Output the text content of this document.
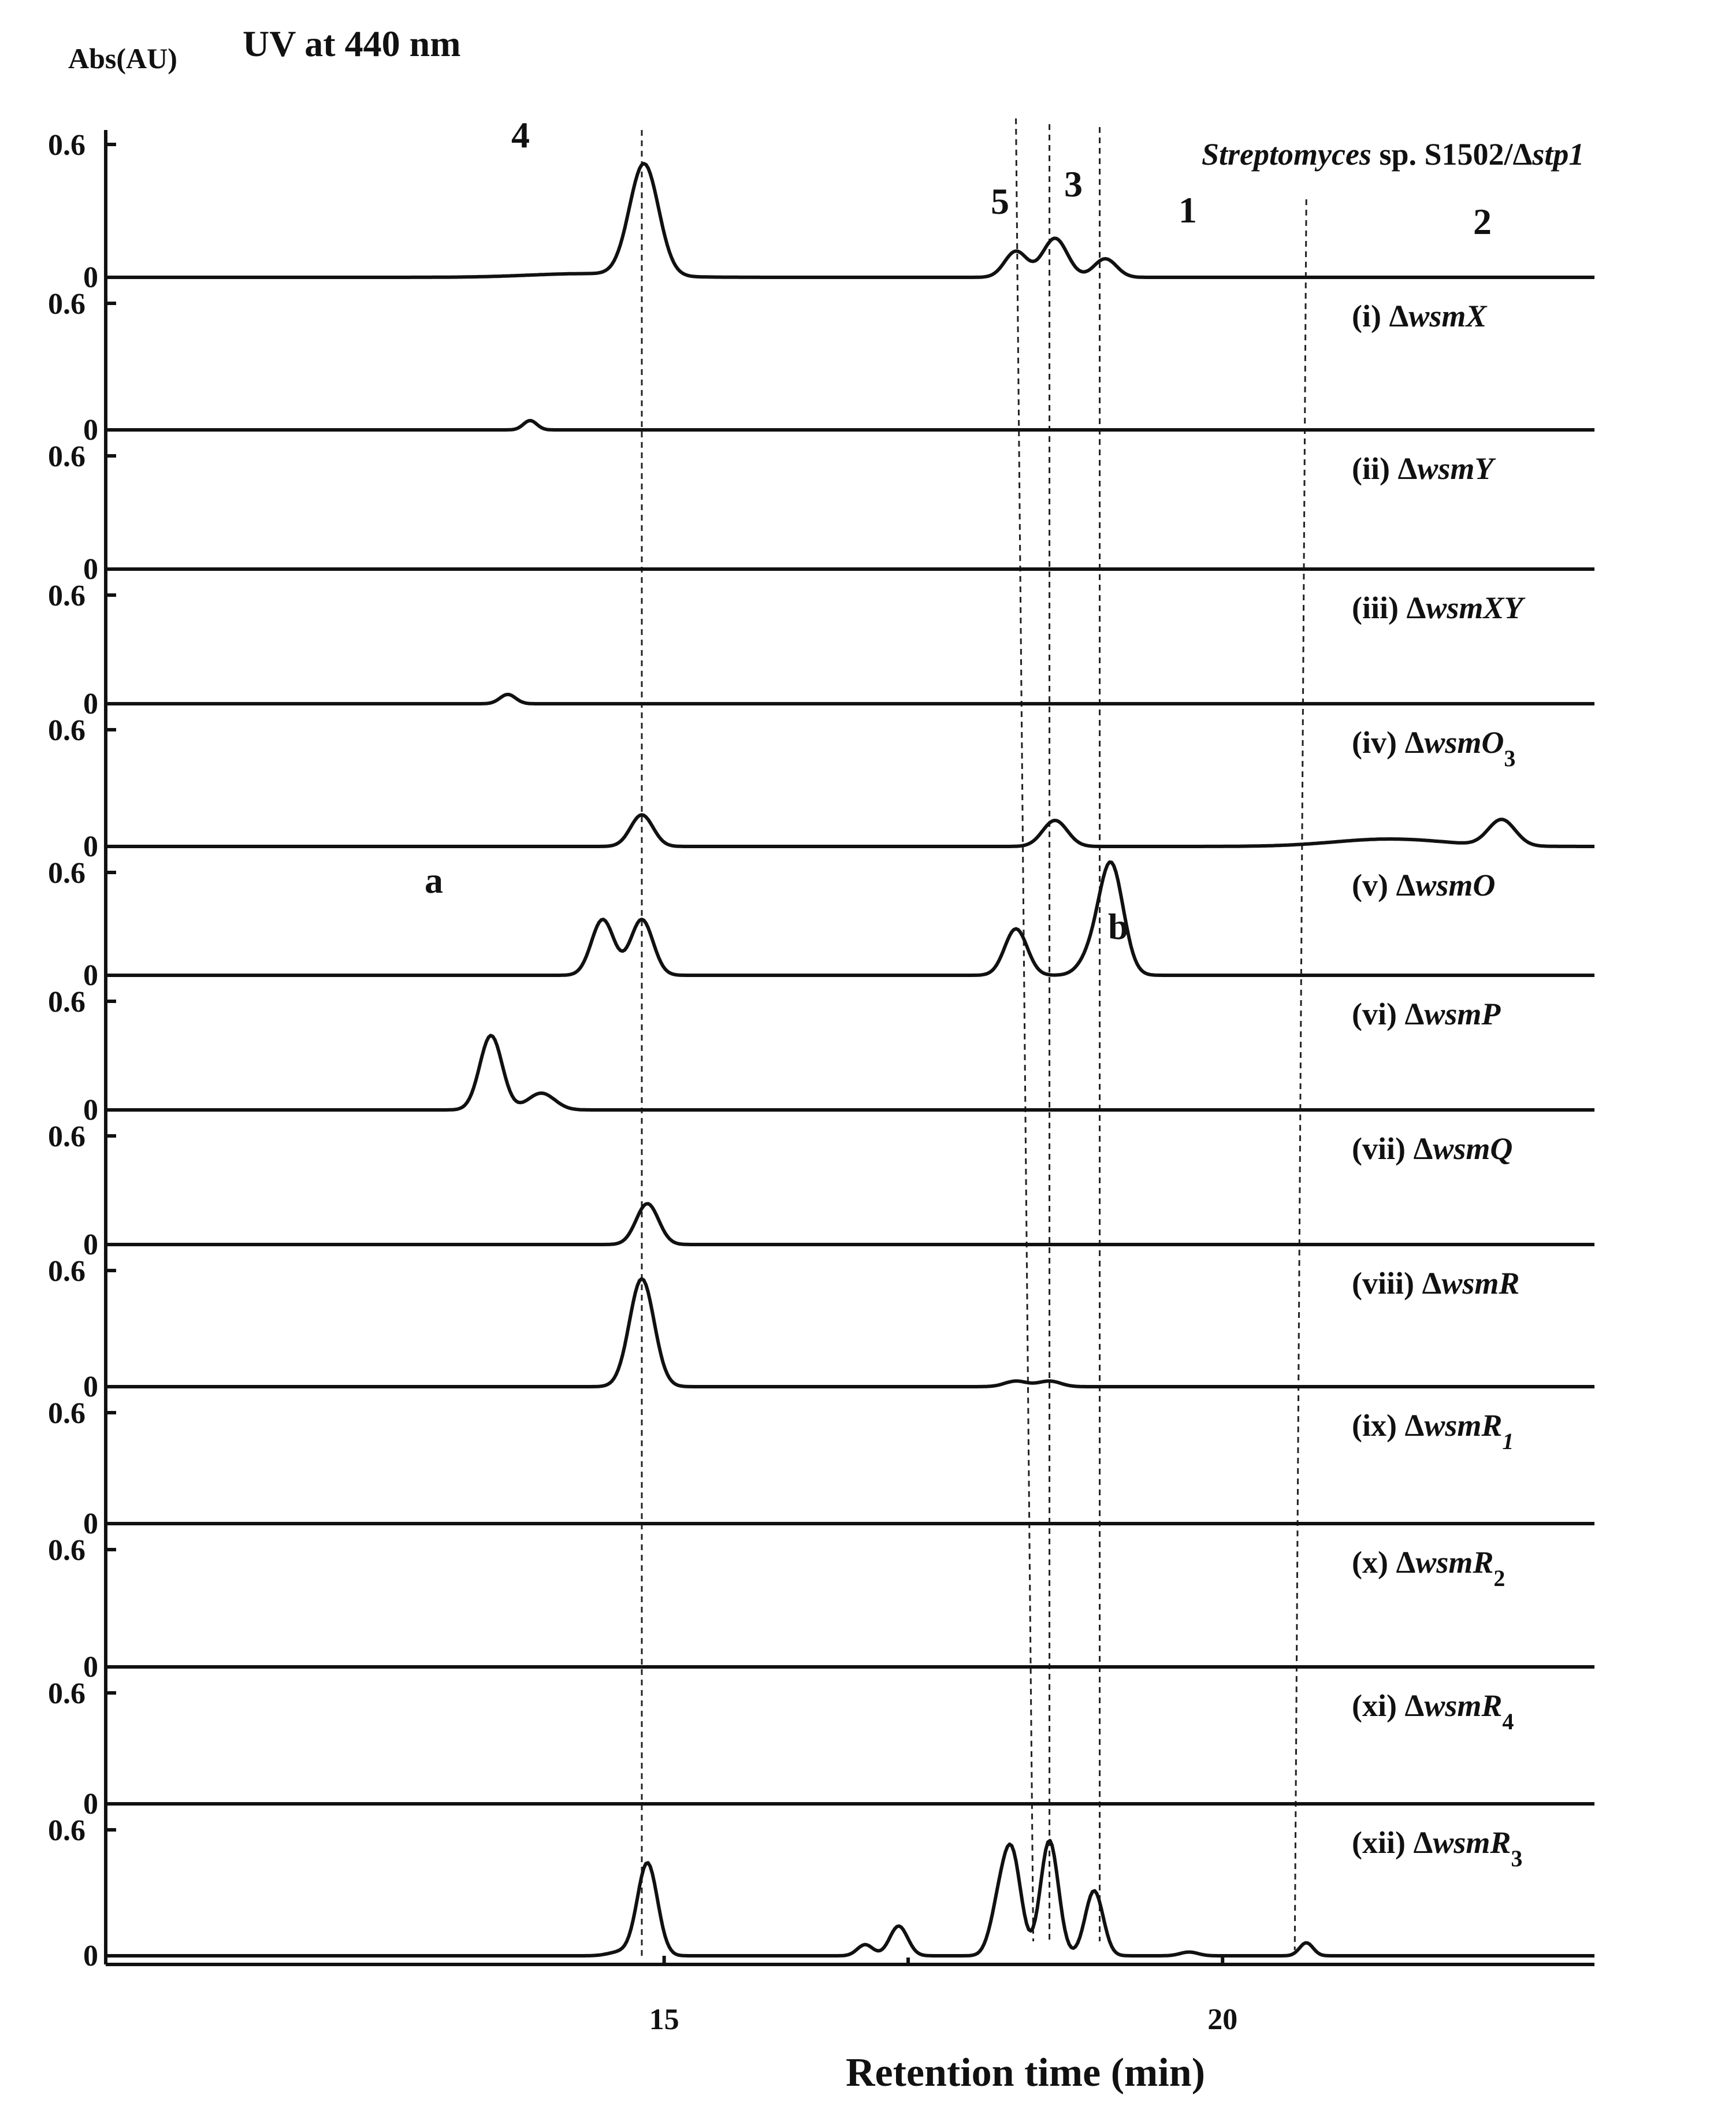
Abs(AU) UV at 440 nm
Retention time (min)
15	20
4
5 3
1	2
a
b
0
0.6	Streptomyces sp. S1502/Δstp1
0
0.6	(i) ΔwsmX
0
0.6	(ii) ΔwsmY
0
0.6	(iii) ΔwsmXY
0
0.6	(iv) ΔwsmO$_3$
0
0.6	(v) ΔwsmO
0
0.6	(vi) ΔwsmP
0
0.6	(vii) ΔwsmQ
0
0.6	(viii) ΔwsmR
0
0.6	(ix) ΔwsmR$_1$
0
0.6	(x) ΔwsmR$_2$
0
0.6	(xi) ΔwsmR$_4$
0
0.6	(xii) ΔwsmR$_3$
